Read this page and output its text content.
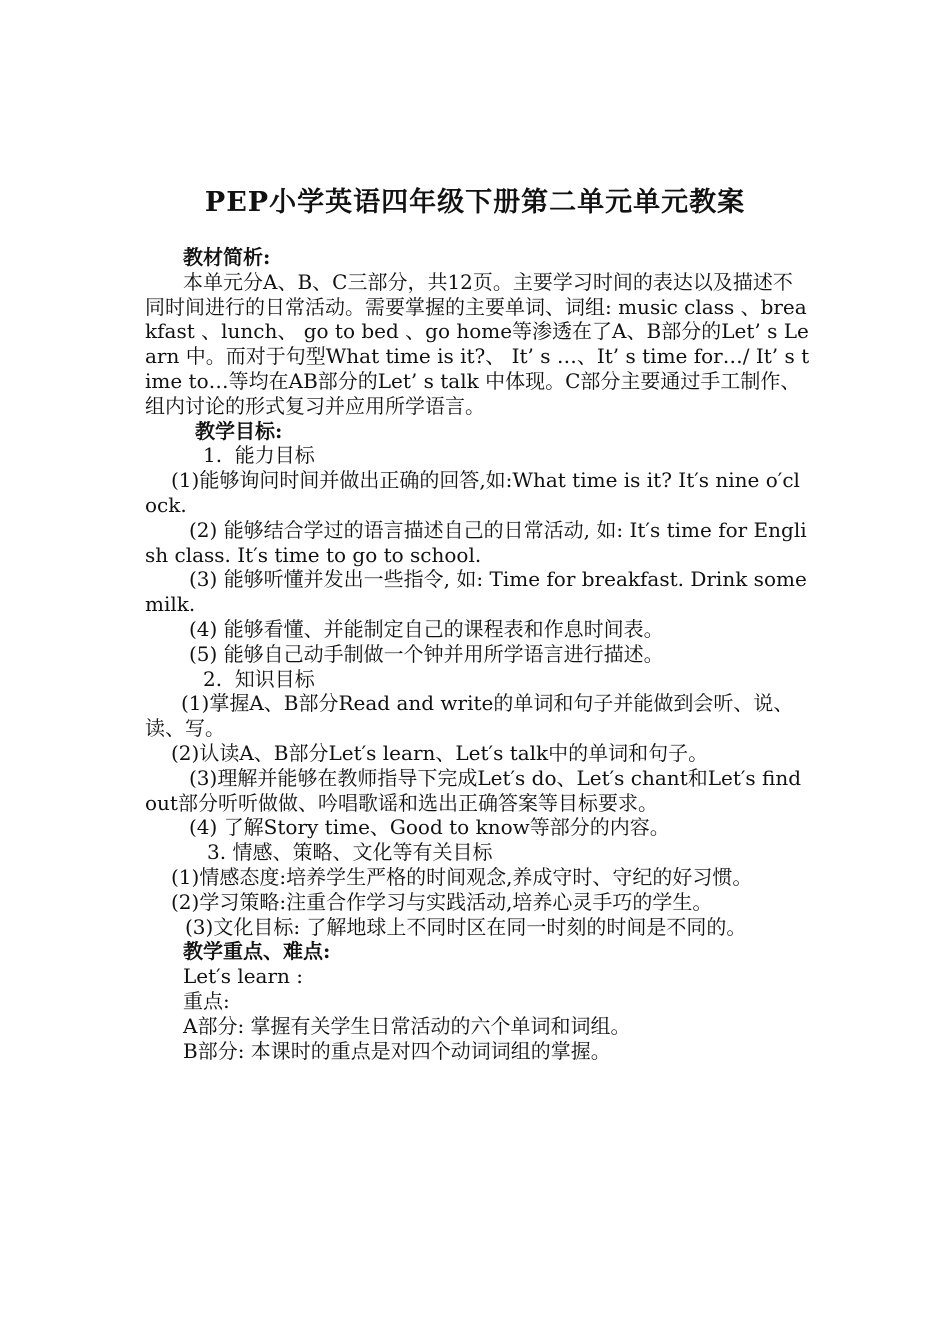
PEP小学英语四年级下册第二单元单元教案
教材简析:
本单元分A、B、C三部分，共12页。主要学习时间的表达以及描述不同时间进行的日常活动。需要掌握的主要单词、词组: music class 、breakfast 、lunch、 go to bed 、go home等渗透在了A、B部分的Let’ s Learn 中。而对于句型What time is it?、 It’ s …、It’ s time for…/ It’ s time to…等均在AB部分的Let’ s talk 中体现。C部分主要通过手工制作、组内讨论的形式复习并应用所学语言。
教学目标:
1.  能力目标
(1)能够询问时间并做出正确的回答,如:What time is it? It′s nine o′clock.
(2) 能够结合学过的语言描述自己的日常活动, 如: It′s time for English class. It′s time to go to school.
(3) 能够听懂并发出一些指令, 如: Time for breakfast. Drink some milk.
(4) 能够看懂、并能制定自己的课程表和作息时间表。
(5) 能够自己动手制做一个钟并用所学语言进行描述。
2.  知识目标
(1)掌握A、B部分Read and write的单词和句子并能做到会听、说、读、写。
(2)认读A、B部分Let′s learn、Let′s talk中的单词和句子。
(3)理解并能够在教师指导下完成Let′s do、Let′s chant和Let′s find out部分听听做做、吟唱歌谣和选出正确答案等目标要求。
(4) 了解Story time、Good to know等部分的内容。
3. 情感、策略、文化等有关目标
(1)情感态度:培养学生严格的时间观念,养成守时、守纪的好习惯。
(2)学习策略:注重合作学习与实践活动,培养心灵手巧的学生。
(3)文化目标: 了解地球上不同时区在同一时刻的时间是不同的。
教学重点、难点:
Let′s learn :
重点:
A部分: 掌握有关学生日常活动的六个单词和词组。
B部分: 本课时的重点是对四个动词词组的掌握。
